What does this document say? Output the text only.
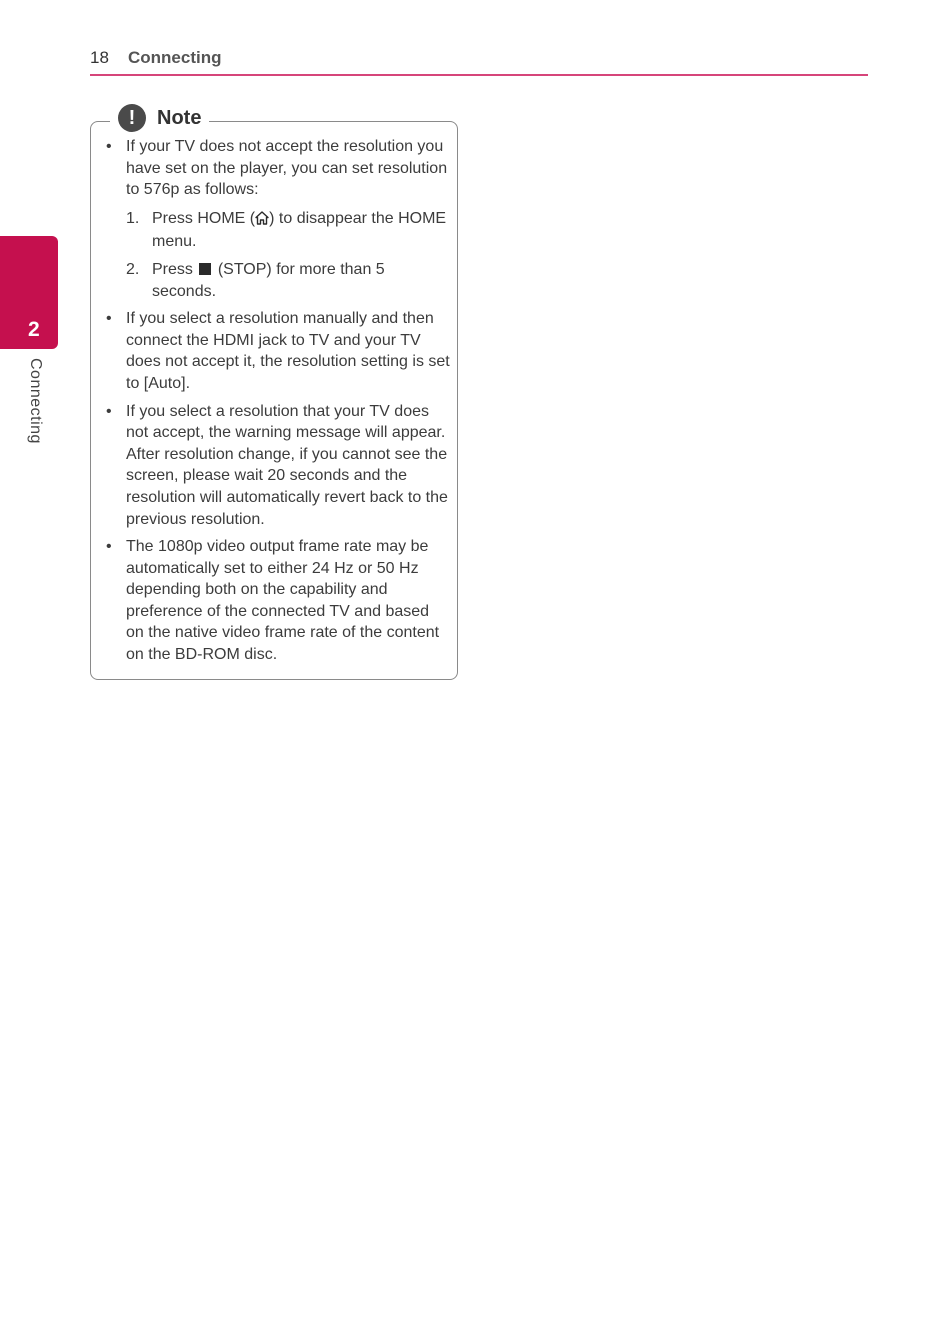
18 Connecting
2
Connecting
!	Note
• If your TV does not accept the resolution you have set on the player, you can set resolution to 576p as follows:
1. Press HOME ( ) to disappear the HOME menu.
2. Press (STOP) for more than 5 seconds.
• If you select a resolution manually and then connect the HDMI jack to TV and your TV does not accept it, the resolution setting is set to [Auto].
• If you select a resolution that your TV does not accept, the warning message will appear. After resolution change, if you cannot see the screen, please wait 20 seconds and the resolution will automatically revert back to the previous resolution.
• The 1080p video output frame rate may be automatically set to either 24 Hz or 50 Hz depending both on the capability and preference of the connected TV and based on the native video frame rate of the content on the BD-ROM disc.
